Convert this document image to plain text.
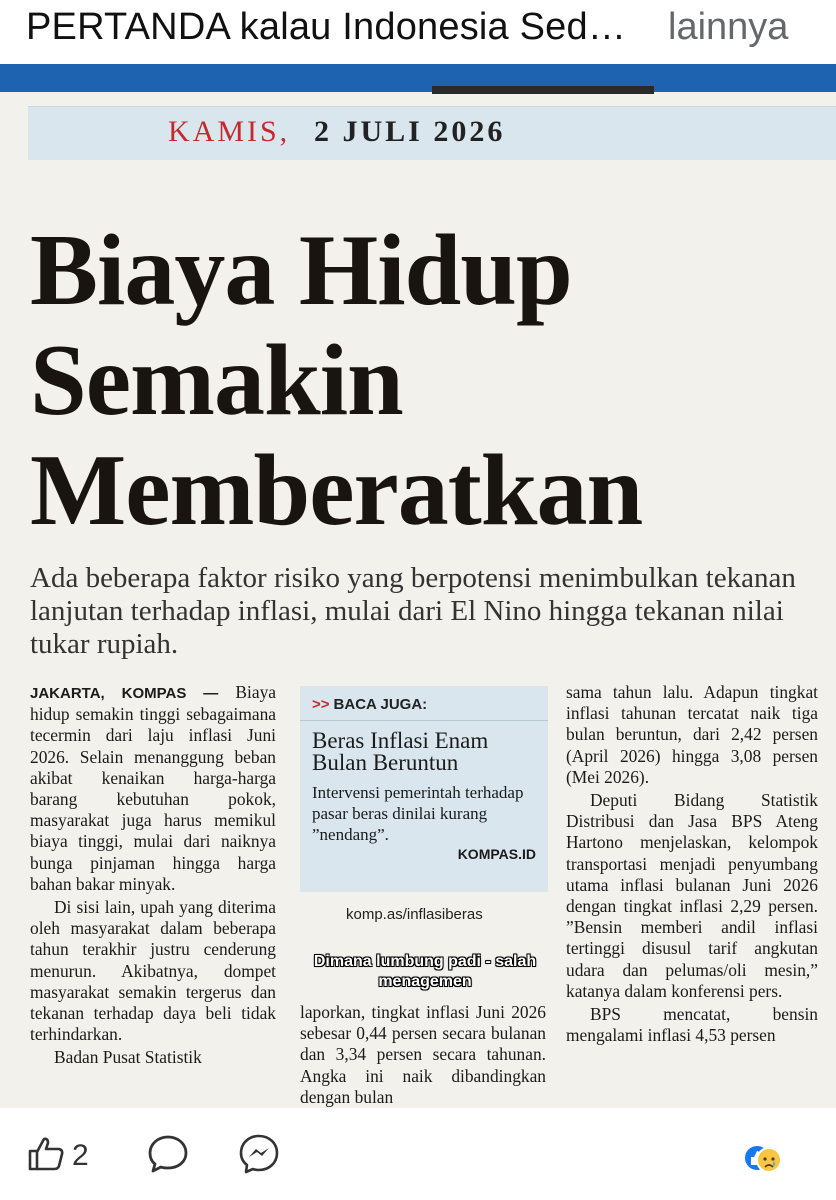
PERTANDA kalau Indonesia Sed… lainnya
KAMIS, 2 JULI 2026
Biaya Hidup
Semakin
Memberatkan
Ada beberapa faktor risiko yang berpotensi menimbulkan tekanan lanjutan terhadap inflasi, mulai dari El Nino hingga tekanan nilai tukar rupiah.

JAKARTA, KOMPAS — Biaya hidup semakin tinggi sebagaimana tecermin dari laju inflasi Juni 2026. Selain menanggung beban akibat kenaikan harga-harga barang kebutuhan pokok, masyarakat juga harus memikul biaya tinggi, mulai dari naiknya bunga pinjaman hingga harga bahan bakar minyak.

Di sisi lain, upah yang diterima oleh masyarakat dalam beberapa tahun terakhir justru cenderung menurun. Akibatnya, dompet masyarakat semakin tergerus dan tekanan terhadap daya beli tidak terhindarkan.

Badan Pusat Statistik

>> BACA JUGA:
Beras Inflasi Enam Bulan Beruntun
Intervensi pemerintah terhadap pasar beras dinilai kurang ”nendang”.
KOMPAS.ID
komp.as/inflasiberas
laporkan, tingkat inflasi Juni 2026 sebesar 0,44 persen secara bulanan dan 3,34 persen secara tahunan. Angka ini naik dibandingkan dengan bulan

sama tahun lalu. Adapun tingkat inflasi tahunan tercatat naik tiga bulan beruntun, dari 2,42 persen (April 2026) hingga 3,08 persen (Mei 2026).

Deputi Bidang Statistik Distribusi dan Jasa BPS Ateng Hartono menjelaskan, kelompok transportasi menjadi penyumbang utama inflasi bulanan Juni 2026 dengan tingkat inflasi 2,29 persen. ”Bensin memberi andil inflasi tertinggi disusul tarif angkutan udara dan pelumas/oli mesin,” katanya dalam konferensi pers.

BPS mencatat, bensin mengalami inflasi 4,53 persen

Dimana lumbung padi - salah menagemen
2
